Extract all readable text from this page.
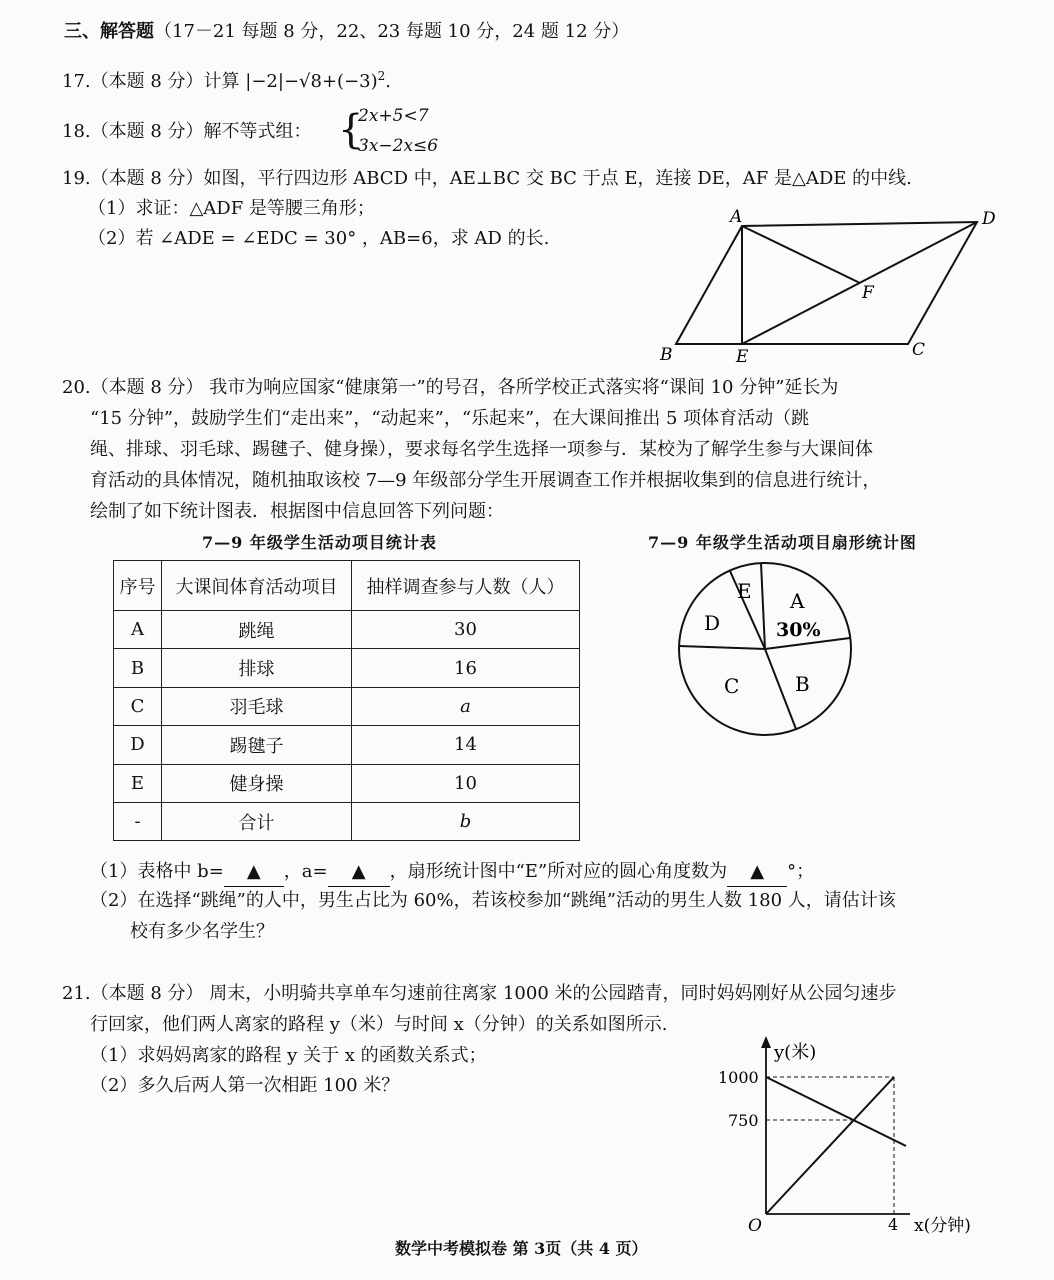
三、解答题（17－21 每题 8 分，22、23 每题 10 分，24 题 12 分）
17.（本题 8 分）计算 $|-2|-√8+(-3)^2$.
18.（本题 8 分）解不等式组： {
2x+5<7
3x−2x≤6
19.（本题 8 分）如图，平行四边形 ABCD 中，AE⊥BC 交 BC 于点 E，连接 DE，AF 是△ADE 的中线.
（1）求证：△ADF 是等腰三角形；
（2）若 ∠ADE = ∠EDC = 30° ，AB=6，求 AD 的长.
A	D
F
B	E	C
20.（本题 8 分） 我市为响应国家“健康第一”的号召，各所学校正式落实将“课间 10 分钟”延长为
“15 分钟”，鼓励学生们“走出来”，“动起来”，“乐起来”，在大课间推出 5 项体育活动（跳
绳、排球、羽毛球、踢毽子、健身操），要求每名学生选择一项参与．某校为了解学生参与大课间体
育活动的具体情况，随机抽取该校 7—9 年级部分学生开展调查工作并根据收集到的信息进行统计，
绘制了如下统计图表．根据图中信息回答下列问题：
7—9 年级学生活动项目统计表	7—9 年级学生活动项目扇形统计图
序号	大课间体育活动项目	抽样调查参与人数（人）
A	跳绳	30
B	排球	16
C	羽毛球	a
D	踢毽子	14
E	健身操	10
-	合计	b
A
30%
B
C
D
E
（1）表格中 b= ▲ ，a= ▲ ，扇形统计图中“E”所对应的圆心角度数为 ▲ °；
（2）在选择“跳绳”的人中，男生占比为 60%，若该校参加“跳绳”活动的男生人数 180 人，请估计该
校有多少名学生？
21.（本题 8 分） 周末，小明骑共享单车匀速前往离家 1000 米的公园踏青，同时妈妈刚好从公园匀速步
行回家，他们两人离家的路程 y（米）与时间 x（分钟）的关系如图所示.
（1）求妈妈离家的路程 y 关于 x 的函数关系式；
（2）多久后两人第一次相距 100 米？
y(米)
1000
750
O	4 x(分钟)
数学中考模拟卷 第 3页（共 4 页）
